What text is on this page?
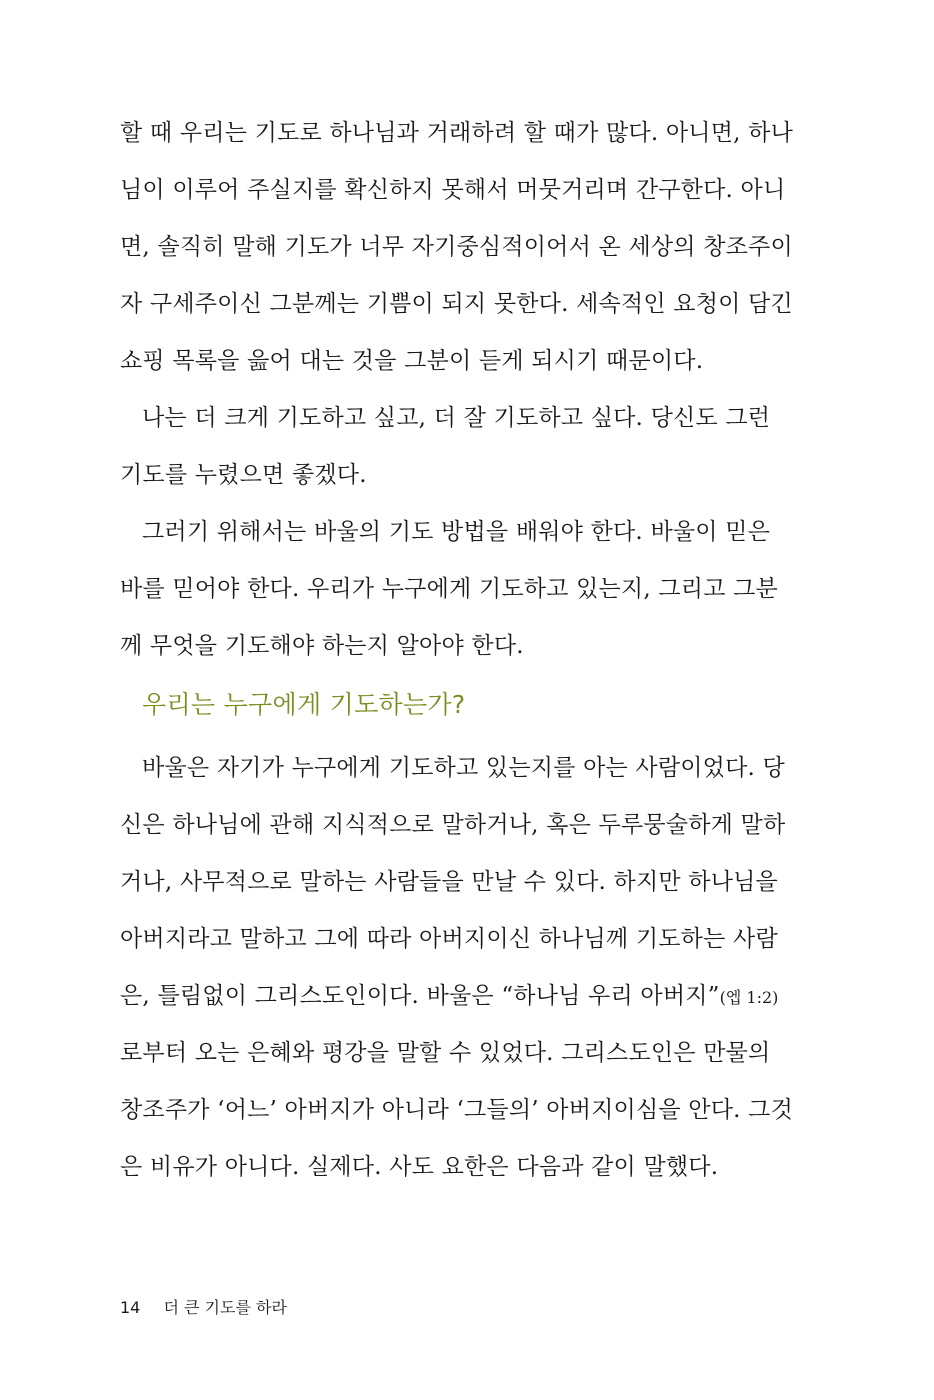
할 때 우리는 기도로 하나님과 거래하려 할 때가 많다. 아니면, 하나
님이 이루어 주실지를 확신하지 못해서 머뭇거리며 간구한다. 아니
면, 솔직히 말해 기도가 너무 자기중심적이어서 온 세상의 창조주이
자 구세주이신 그분께는 기쁨이 되지 못한다. 세속적인 요청이 담긴
쇼핑 목록을 읊어 대는 것을 그분이 듣게 되시기 때문이다.
나는 더 크게 기도하고 싶고, 더 잘 기도하고 싶다. 당신도 그런
기도를 누렸으면 좋겠다.
그러기 위해서는 바울의 기도 방법을 배워야 한다. 바울이 믿은
바를 믿어야 한다. 우리가 누구에게 기도하고 있는지, 그리고 그분
께 무엇을 기도해야 하는지 알아야 한다.
우리는 누구에게 기도하는가?
바울은 자기가 누구에게 기도하고 있는지를 아는 사람이었다. 당
신은 하나님에 관해 지식적으로 말하거나, 혹은 두루뭉술하게 말하
거나, 사무적으로 말하는 사람들을 만날 수 있다. 하지만 하나님을
아버지라고 말하고 그에 따라 아버지이신 하나님께 기도하는 사람
은, 틀림없이 그리스도인이다. 바울은 “하나님 우리 아버지”(엡 1:2)
로부터 오는 은혜와 평강을 말할 수 있었다. 그리스도인은 만물의
창조주가 ‘어느’ 아버지가 아니라 ‘그들의’ 아버지이심을 안다. 그것
은 비유가 아니다. 실제다. 사도 요한은 다음과 같이 말했다.
14 더 큰 기도를 하라
